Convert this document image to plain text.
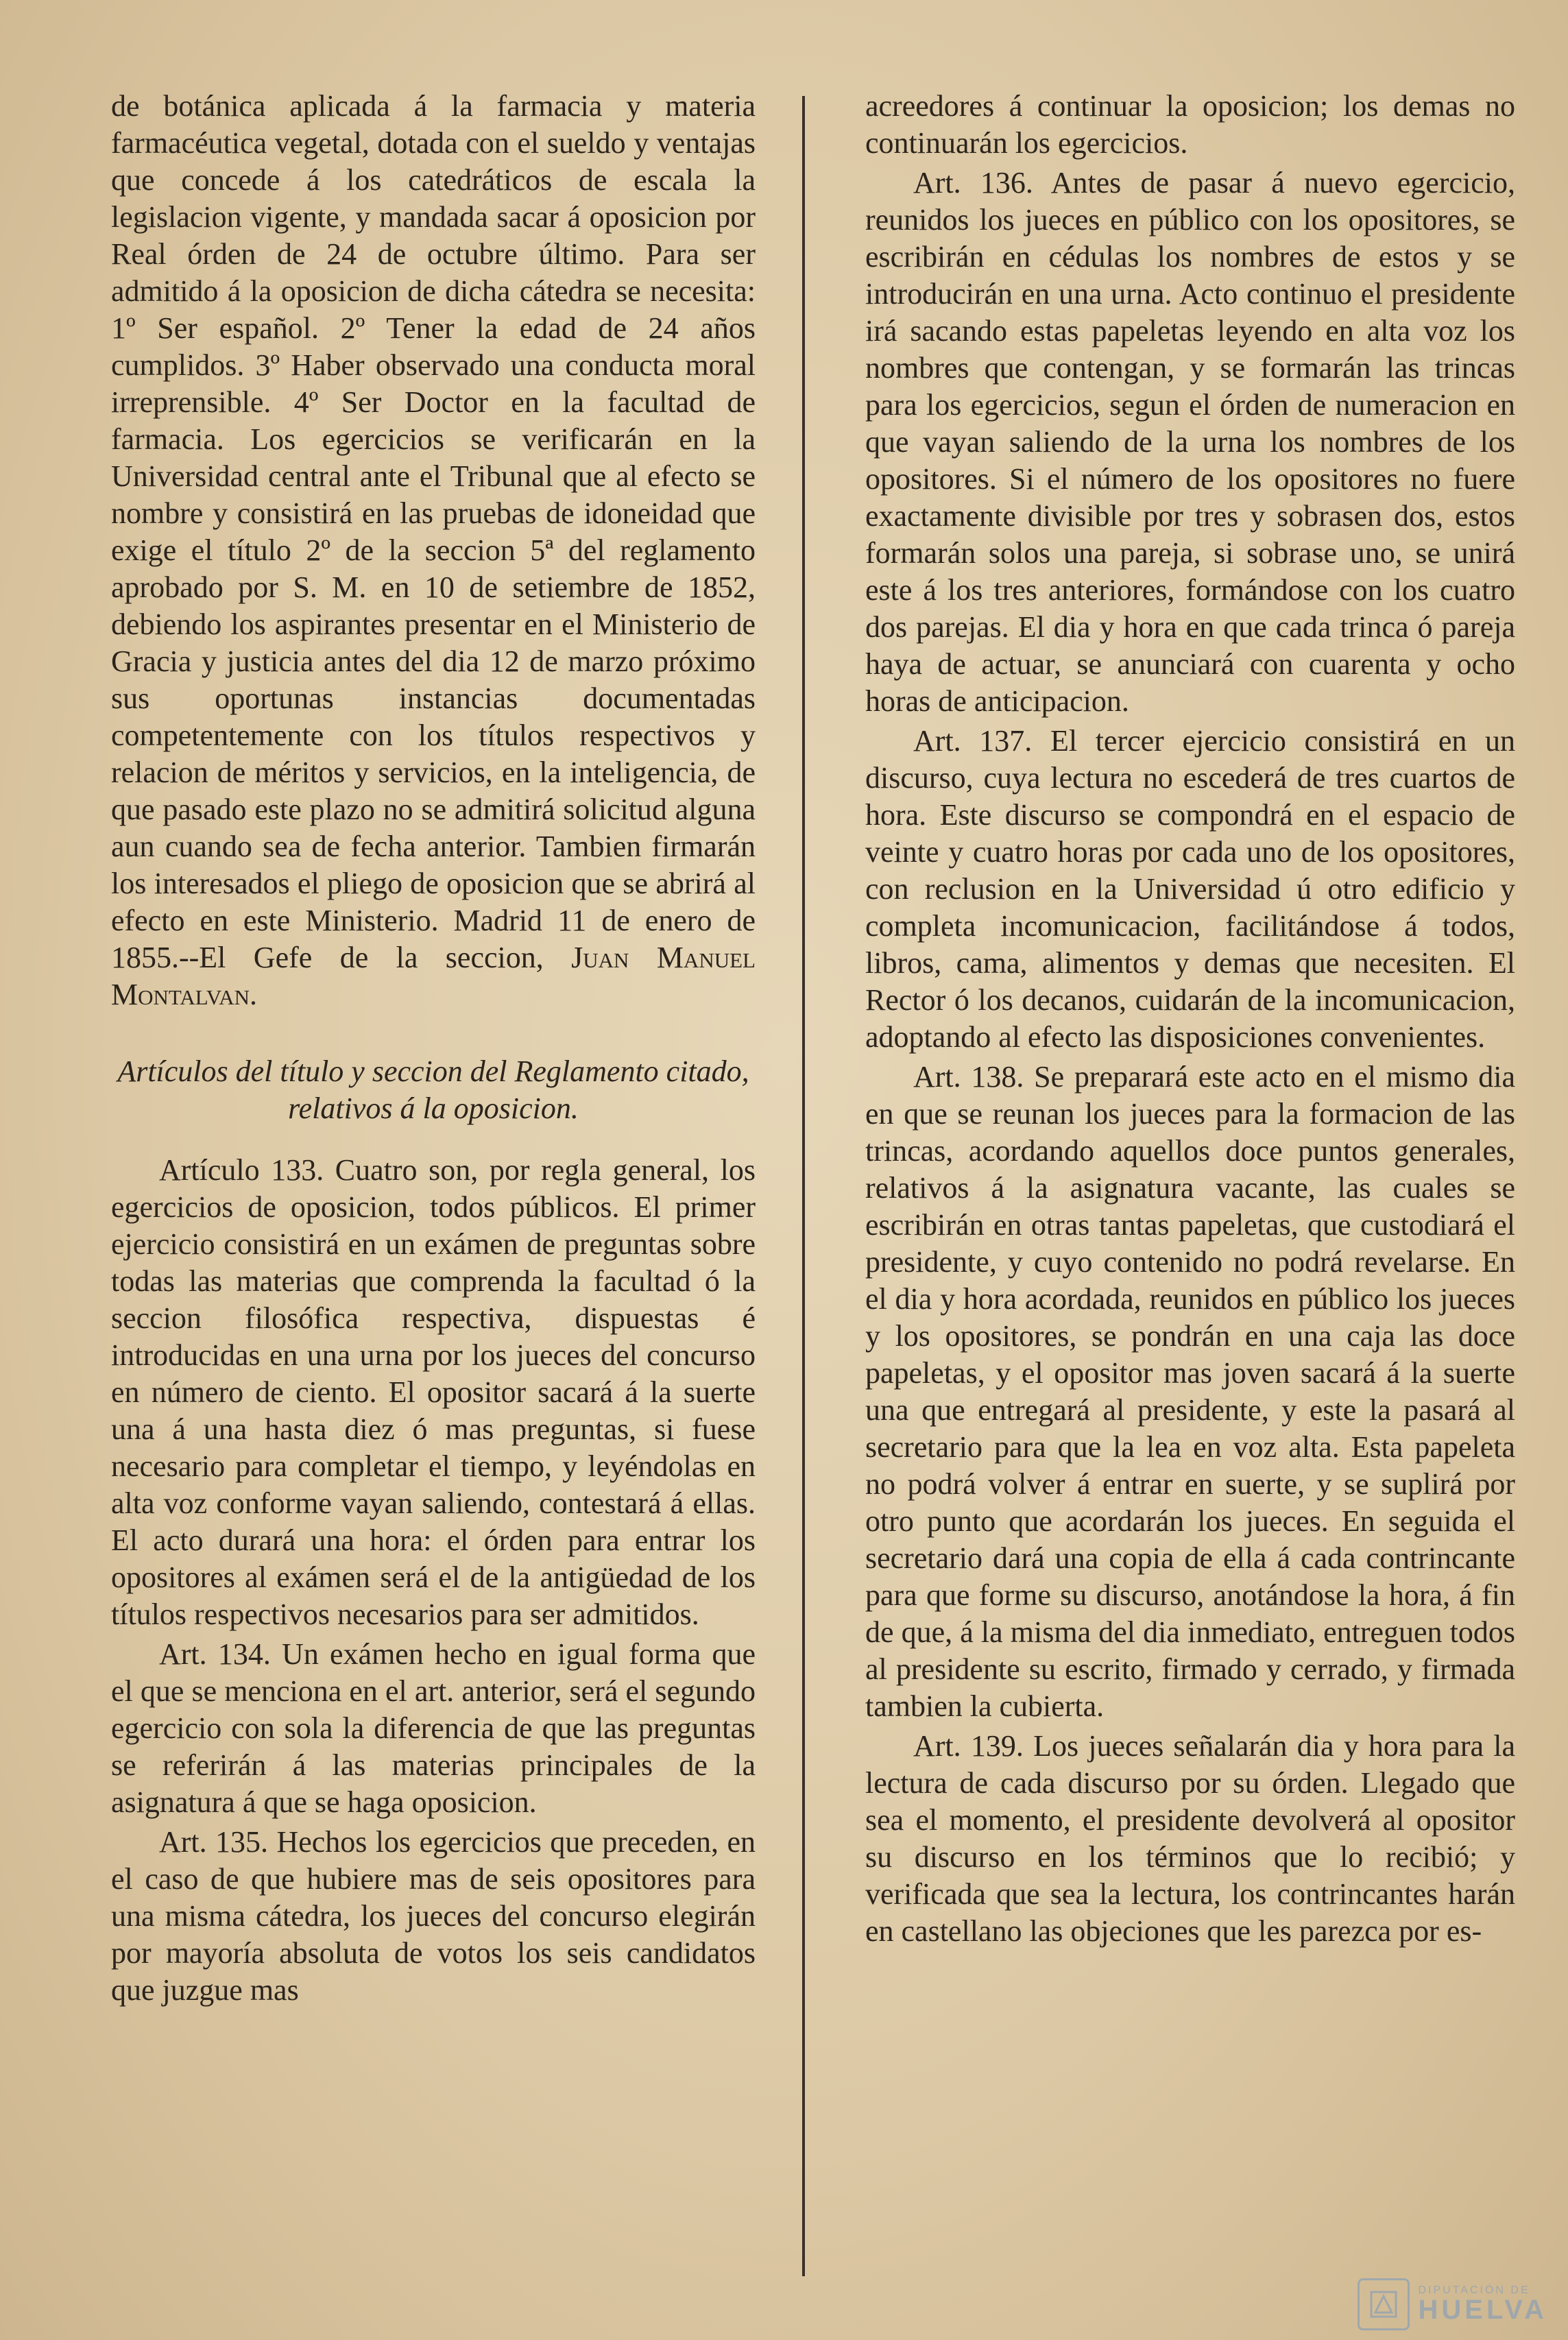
de botánica aplicada á la farmacia y materia farmacéutica vegetal, dotada con el sueldo y ventajas que concede á los catedráticos de escala la legislacion vigente, y mandada sacar á oposicion por Real órden de 24 de octubre último. Para ser admitido á la oposicion de dicha cátedra se necesita: 1º Ser español. 2º Tener la edad de 24 años cumplidos. 3º Haber observado una conducta moral irreprensible. 4º Ser Doctor en la facultad de farmacia. Los egercicios se verificarán en la Universidad central ante el Tribunal que al efecto se nombre y consistirá en las pruebas de idoneidad que exige el título 2º de la seccion 5ª del reglamento aprobado por S. M. en 10 de setiembre de 1852, debiendo los aspirantes presentar en el Ministerio de Gracia y justicia antes del dia 12 de marzo próximo sus oportunas instancias documentadas competentemente con los títulos respectivos y relacion de méritos y servicios, en la inteligencia, de que pasado este plazo no se admitirá solicitud alguna aun cuando sea de fecha anterior. Tambien firmarán los interesados el pliego de oposicion que se abrirá al efecto en este Ministerio. Madrid 11 de enero de 1855.--El Gefe de la seccion, Juan Manuel Montalvan.

Artículos del título y seccion del Reglamento citado, relativos á la oposicion.

Artículo 133. Cuatro son, por regla general, los egercicios de oposicion, todos públicos. El primer ejercicio consistirá en un exámen de preguntas sobre todas las materias que comprenda la facultad ó la seccion filosófica respectiva, dispuestas é introducidas en una urna por los jueces del concurso en número de ciento. El opositor sacará á la suerte una á una hasta diez ó mas preguntas, si fuese necesario para completar el tiempo, y leyéndolas en alta voz conforme vayan saliendo, contestará á ellas. El acto durará una hora: el órden para entrar los opositores al exámen será el de la antigüedad de los títulos respectivos necesarios para ser admitidos.

Art. 134. Un exámen hecho en igual forma que el que se menciona en el art. anterior, será el segundo egercicio con sola la diferencia de que las preguntas se referirán á las materias principales de la asignatura á que se haga oposicion.

Art. 135. Hechos los egercicios que preceden, en el caso de que hubiere mas de seis opositores para una misma cátedra, los jueces del concurso elegirán por mayoría absoluta de votos los seis candidatos que juzgue mas

acreedores á continuar la oposicion; los demas no continuarán los egercicios.

Art. 136. Antes de pasar á nuevo egercicio, reunidos los jueces en público con los opositores, se escribirán en cédulas los nombres de estos y se introducirán en una urna. Acto continuo el presidente irá sacando estas papeletas leyendo en alta voz los nombres que contengan, y se formarán las trincas para los egercicios, segun el órden de numeracion en que vayan saliendo de la urna los nombres de los opositores. Si el número de los opositores no fuere exactamente divisible por tres y sobrasen dos, estos formarán solos una pareja, si sobrase uno, se unirá este á los tres anteriores, formándose con los cuatro dos parejas. El dia y hora en que cada trinca ó pareja haya de actuar, se anunciará con cuarenta y ocho horas de anticipacion.

Art. 137. El tercer ejercicio consistirá en un discurso, cuya lectura no escederá de tres cuartos de hora. Este discurso se compondrá en el espacio de veinte y cuatro horas por cada uno de los opositores, con reclusion en la Universidad ú otro edificio y completa incomunicacion, facilitándose á todos, libros, cama, alimentos y demas que necesiten. El Rector ó los decanos, cuidarán de la incomunicacion, adoptando al efecto las disposiciones convenientes.

Art. 138. Se preparará este acto en el mismo dia en que se reunan los jueces para la formacion de las trincas, acordando aquellos doce puntos generales, relativos á la asignatura vacante, las cuales se escribirán en otras tantas papeletas, que custodiará el presidente, y cuyo contenido no podrá revelarse. En el dia y hora acordada, reunidos en público los jueces y los opositores, se pondrán en una caja las doce papeletas, y el opositor mas joven sacará á la suerte una que entregará al presidente, y este la pasará al secretario para que la lea en voz alta. Esta papeleta no podrá volver á entrar en suerte, y se suplirá por otro punto que acordarán los jueces. En seguida el secretario dará una copia de ella á cada contrincante para que forme su discurso, anotándose la hora, á fin de que, á la misma del dia inmediato, entreguen todos al presidente su escrito, firmado y cerrado, y firmada tambien la cubierta.

Art. 139. Los jueces señalarán dia y hora para la lectura de cada discurso por su órden. Llegado que sea el momento, el presidente devolverá al opositor su discurso en los términos que lo recibió; y verificada que sea la lectura, los contrincantes harán en castellano las objeciones que les parezca por es-

DIPUTACIÓN DE
HUELVA
